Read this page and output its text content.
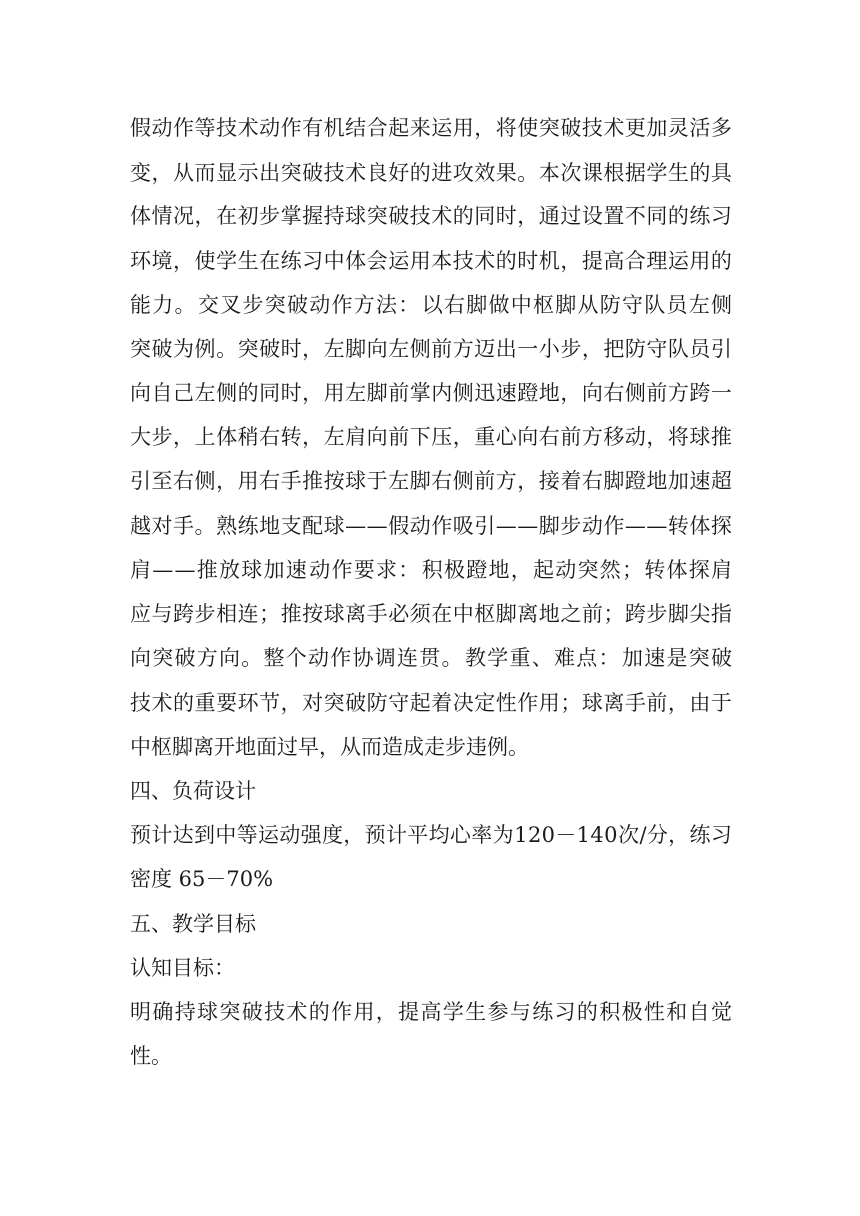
假 动 作 等 技 术 动 作 有 机 结 合 起 来 运 用 ， 将 使 突 破 技 术 更 加 灵 活 多
变 ， 从 而 显 示 出 突 破 技 术 良 好 的 进 攻 效 果 。 本 次 课 根 据 学 生 的 具
体 情 况 ， 在 初 步 掌 握 持 球 突 破 技 术 的 同 时 ， 通 过 设 置 不 同 的 练 习
环 境 ， 使 学 生 在 练 习 中 体 会 运 用 本 技 术 的 时 机 ， 提 高 合 理 运 用 的
能 力 。 交 叉 步 突 破 动 作 方 法 ： 以 右 脚 做 中 枢 脚 从 防 守 队 员 左 侧
突 破 为 例 。 突 破 时 ， 左 脚 向 左 侧 前 方 迈 出 一 小 步 ， 把 防 守 队 员 引
向 自 己 左 侧 的 同 时 ， 用 左 脚 前 掌 内 侧 迅 速 蹬 地 ， 向 右 侧 前 方 跨 一
大 步 ， 上 体 稍 右 转 ， 左 肩 向 前 下 压 ， 重 心 向 右 前 方 移 动 ， 将 球 推
引 至 右 侧 ， 用 右 手 推 按 球 于 左 脚 右 侧 前 方 ， 接 着 右 脚 蹬 地 加 速 超
越 对 手 。 熟 练 地 支 配 球 — — 假 动 作 吸 引 — — 脚 步 动 作 — — 转 体 探
肩 — — 推 放 球 加 速 动 作 要 求 ： 积 极 蹬 地 ， 起 动 突 然 ； 转 体 探 肩
应 与 跨 步 相 连 ； 推 按 球 离 手 必 须 在 中 枢 脚 离 地 之 前 ； 跨 步 脚 尖 指
向 突 破 方 向 。 整 个 动 作 协 调 连 贯 。 教 学 重 、 难 点 ： 加 速 是 突 破
技 术 的 重 要 环 节 ， 对 突 破 防 守 起 着 决 定 性 作 用 ； 球 离 手 前 ， 由 于
中枢脚离开地面过早，从而造成走步违例。
四、负荷设计
预 计 达 到 中 等 运 动 强 度 ， 预 计 平 均 心 率 为 1 2 0 － 1 4 0 次 / 分 ， 练 习
密度 65－70%
五、教学目标
认知目标：
明 确 持 球 突 破 技 术 的 作 用 ， 提 高 学 生 参 与 练 习 的 积 极 性 和 自 觉
性。
